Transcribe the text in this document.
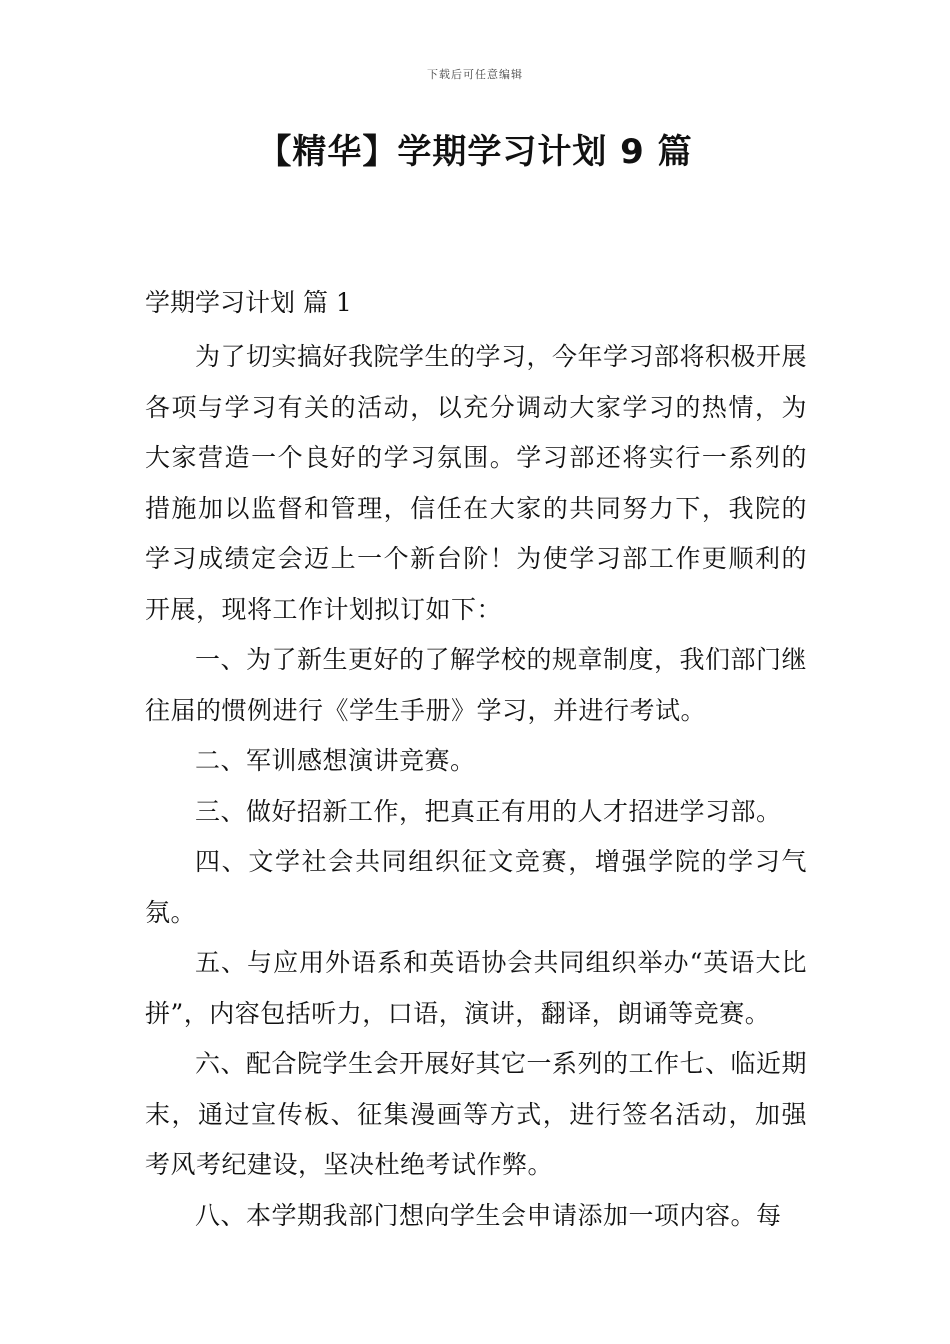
下载后可任意编辑
【精华】学期学习计划 9 篇
学期学习计划 篇 1

为了切实搞好我院学生的学习，今年学习部将积极开展各项与学习有关的活动，以充分调动大家学习的热情，为大家营造一个良好的学习氛围。学习部还将实行一系列的措施加以监督和管理，信任在大家的共同努力下，我院的学习成绩定会迈上一个新台阶！为使学习部工作更顺利的开展，现将工作计划拟订如下：

一、为了新生更好的了解学校的规章制度，我们部门继往届的惯例进行《学生手册》学习，并进行考试。

二、军训感想演讲竞赛。

三、做好招新工作，把真正有用的人才招进学习部。

四、文学社会共同组织征文竞赛，增强学院的学习气氛。

五、与应用外语系和英语协会共同组织举办“英语大比拼”，内容包括听力，口语，演讲，翻译，朗诵等竞赛。

六、配合院学生会开展好其它一系列的工作七、临近期末，通过宣传板、征集漫画等方式，进行签名活动，加强考风考纪建设，坚决杜绝考试作弊。

八、本学期我部门想向学生会申请添加一项内容。每
